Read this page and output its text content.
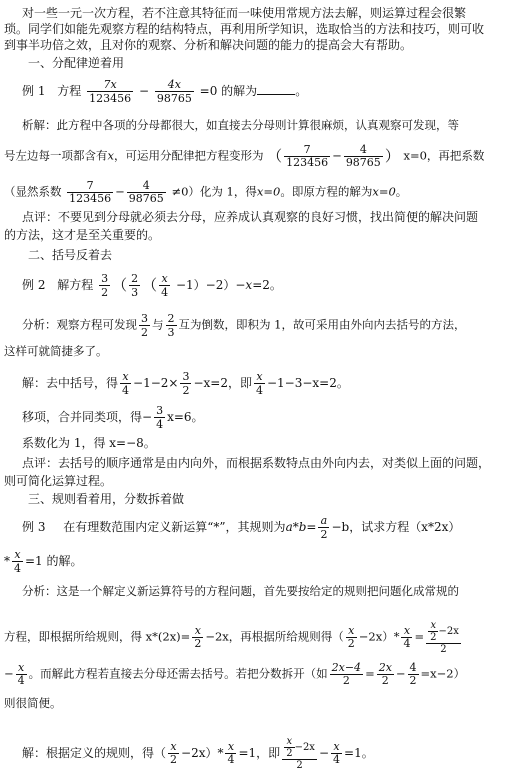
对一些一元一次方程，若不注意其特征而一味使用常规方法去解，则运算过程会很繁
琐。同学们如能先观察方程的结构特点，再利用所学知识，选取恰当的方法和技巧，则可收
到事半功倍之效，且对你的观察、分析和解决问题的能力的提高会大有帮助。
一、分配律逆着用
例 1 方程 $\frac{7x}{123456} - \frac{4x}{98765} =0$ 的解为	。
析解：此方程中各项的分母都很大，如直接去分母则计算很麻烦，认真观察可发现，等
号左边每一项都含有x，可运用分配律把方程变形为 （ $\frac{7}{123456} - \frac{4}{98765}$ ） x=0，再把系数
（显然系数 $\frac{7}{123456} - \frac{4}{98765} \ne 0$）化为 1，得x=0。即原方程的解为x=0。
点评：不要见到分母就必须去分母，应养成认真观察的良好习惯，找出简便的解决问题
的方法，这才是至关重要的。
二、括号反着去
例 2 解方程 $\frac{3}{2}$ （ $\frac{2}{3}$ （ $\frac{x}{4} -1)-2)-x=2$。
分析：观察方程可发现 $\frac{3}{2}$ 与 $\frac{2}{3}$ 互为倒数，即积为 1，故可采用由外向内去括号的方法，
这样可就简捷多了。
解：去中括号，得 $\frac{x}{4} -1-2\times \frac{3}{2} -x=2$，即 $\frac{x}{4} -1-3-x=2$。
移项，合并同类项，得− $\frac{3}{4} x=6$。
系数化为 1，得 x=−8。
点评：去括号的顺序通常是由内向外，而根据系数特点由外向内去，对类似上面的问题，
则可简化运算过程。
三、规则看着用，分数拆着做
例 3 在有理数范围内定义新运算“*”，其规则为$a*b= \frac{a}{2} -b$，试求方程（x*2x）
* $\frac{x}{4} =1$ 的解。
分析：这是一个解定义新运算符号的方程问题，首先要按给定的规则把问题化成常规的
方程，即根据所给规则，得 $x*(2x)= \frac{x}{2} -2x$，再根据所给规则得（ $\frac{x}{2} -2x)* \frac{x}{4} = \frac{\frac{x}{2} -2x}{2}$
− $\frac{x}{4}$ 。而解此方程若直接去分母还需去括号。若把分数拆开（如 $\frac{2x-4}{2} = \frac{2x}{2} - \frac{4}{2} =x-2$）
则很简便。
解：根据定义的规则，得（ $\frac{x}{2} -2x)* \frac{x}{4} =1$，即 $\frac{\frac{x}{2} -2x}{2} - \frac{x}{4} =1$。
